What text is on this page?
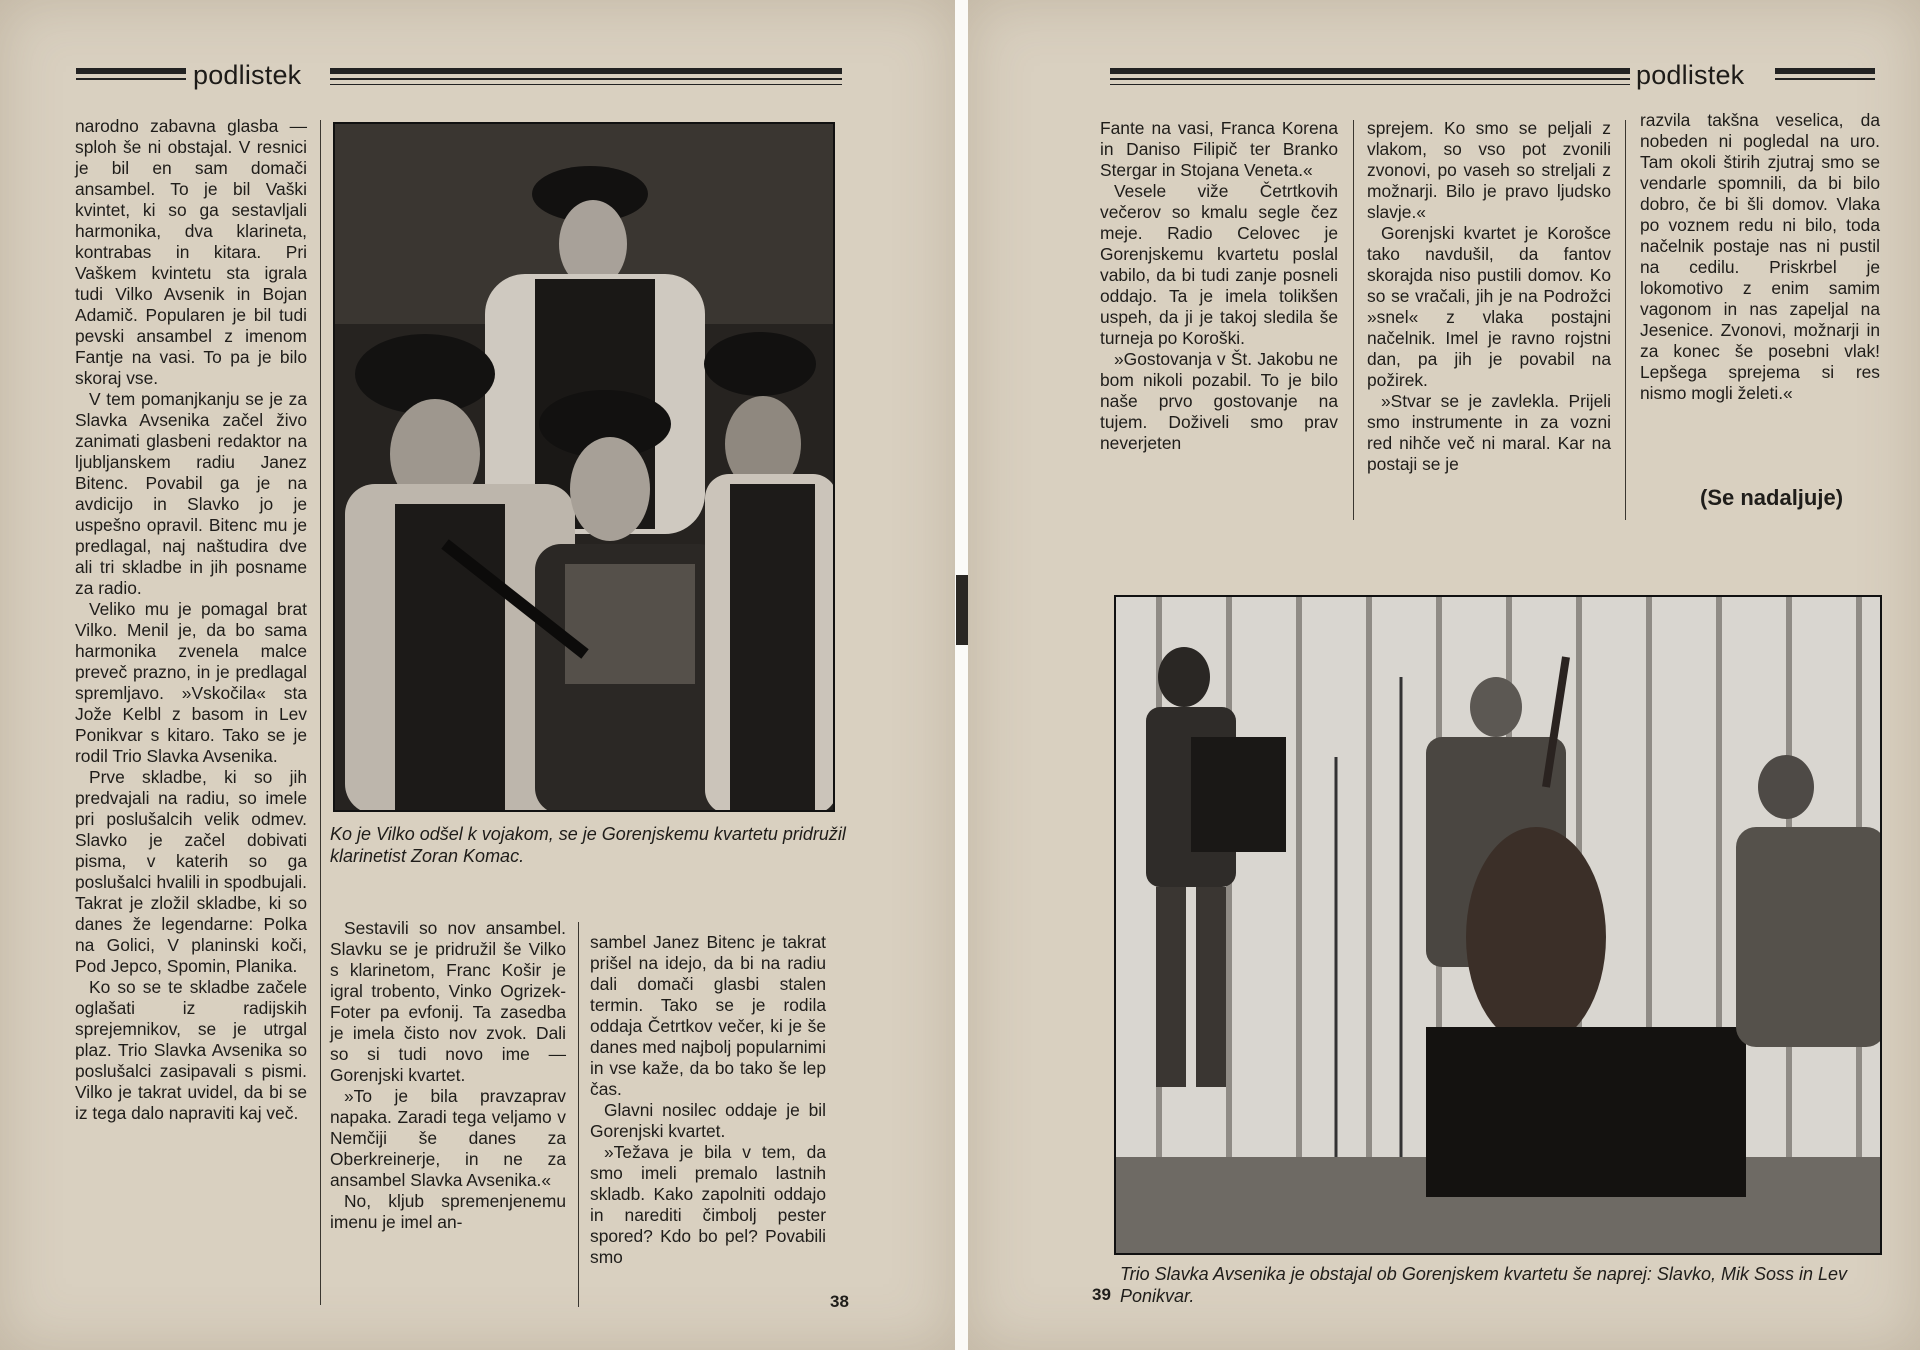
podlistek

narodno zabavna glasba — sploh še ni obstajal. V resnici je bil en sam domači ansambel. To je bil Vaški kvintet, ki so ga sestavljali harmonika, dva klarineta, kontrabas in kitara. Pri Vaškem kvintetu sta igrala tudi Vilko Avsenik in Bojan Adamič. Popularen je bil tudi pevski ansambel z imenom Fantje na vasi. To pa je bilo skoraj vse.

V tem pomanjkanju se je za Slavka Avsenika začel živo zanimati glasbeni redaktor na ljubljanskem radiu Janez Bitenc. Povabil ga je na avdicijo in Slavko jo je uspešno opravil. Bitenc mu je predlagal, naj naštudira dve ali tri skladbe in jih posname za radio.

Veliko mu je pomagal brat Vilko. Menil je, da bo sama harmonika zvenela malce preveč prazno, in je predlagal spremljavo. »Vskočila« sta Jože Kelbl z basom in Lev Ponikvar s kitaro. Tako se je rodil Trio Slavka Avsenika.

Prve skladbe, ki so jih predvajali na radiu, so imele pri poslušalcih velik odmev. Slavko je začel dobivati pisma, v katerih so ga poslušalci hvalili in spodbujali. Takrat je zložil skladbe, ki so danes že legendarne: Polka na Golici, V planinski koči, Pod Jepco, Spomin, Planika.

Ko so se te skladbe začele oglašati iz radijskih sprejemnikov, se je utrgal plaz. Trio Slavka Avsenika so poslušalci zasipavali s pismi. Vilko je takrat uvidel, da bi se iz tega dalo napraviti kaj več.

Ko je Vilko odšel k vojakom, se je Gorenjskemu kvartetu pridružil klarinetist Zoran Komac.

Sestavili so nov ansambel. Slavku se je pridružil še Vilko s klarinetom, Franc Košir je igral trobento, Vinko Ogrizek-Foter pa evfonij. Ta zasedba je imela čisto nov zvok. Dali so si tudi novo ime — Gorenjski kvartet.

»To je bila pravzaprav napaka. Zaradi tega veljamo v Nemčiji še danes za Oberkreinerje, in ne za ansambel Slavka Avsenika.«

No, kljub spremenjenemu imenu je imel an-

sambel Janez Bitenc je takrat prišel na idejo, da bi na radiu dali domači glasbi stalen termin. Tako se je rodila oddaja Četrtkov večer, ki je še danes med najbolj popularnimi in vse kaže, da bo tako še lep čas.

Glavni nosilec oddaje je bil Gorenjski kvartet.

»Težava je bila v tem, da smo imeli premalo lastnih skladb. Kako zapolniti oddajo in narediti čimbolj pester spored? Kdo bo pel? Povabili smo

38
podlistek

Fante na vasi, Franca Korena in Daniso Filipič ter Branko Stergar in Stojana Veneta.«

Vesele viže Četrtkovih večerov so kmalu segle čez meje. Radio Celovec je Gorenjskemu kvartetu poslal vabilo, da bi tudi zanje posneli oddajo. Ta je imela tolikšen uspeh, da ji je takoj sledila še turneja po Koroški.

»Gostovanja v Št. Jakobu ne bom nikoli pozabil. To je bilo naše prvo gostovanje na tujem. Doživeli smo prav neverjeten

sprejem. Ko smo se peljali z vlakom, so vso pot zvonili zvonovi, po vaseh so streljali z možnarji. Bilo je pravo ljudsko slavje.«

Gorenjski kvartet je Korošce tako navdušil, da fantov skorajda niso pustili domov. Ko so se vračali, jih je na Podrožci »snel« z vlaka postajni načelnik. Imel je ravno rojstni dan, pa jih je povabil na požirek.

»Stvar se je zavlekla. Prijeli smo instrumente in za vozni red nihče več ni maral. Kar na postaji se je

razvila takšna veselica, da nobeden ni pogledal na uro. Tam okoli štirih zjutraj smo se vendarle spomnili, da bi bilo dobro, če bi šli domov. Vlaka po voznem redu ni bilo, toda načelnik postaje nas ni pustil na cedilu. Priskrbel je lokomotivo z enim samim vagonom in nas zapeljal na Jesenice. Zvonovi, možnarji in za konec še posebni vlak! Lepšega sprejema si res nismo mogli želeti.«

(Se nadaljuje)
Trio Slavka Avsenika je obstajal ob Gorenjskem kvartetu še naprej: Slavko, Mik Soss in Lev Ponikvar.
39
